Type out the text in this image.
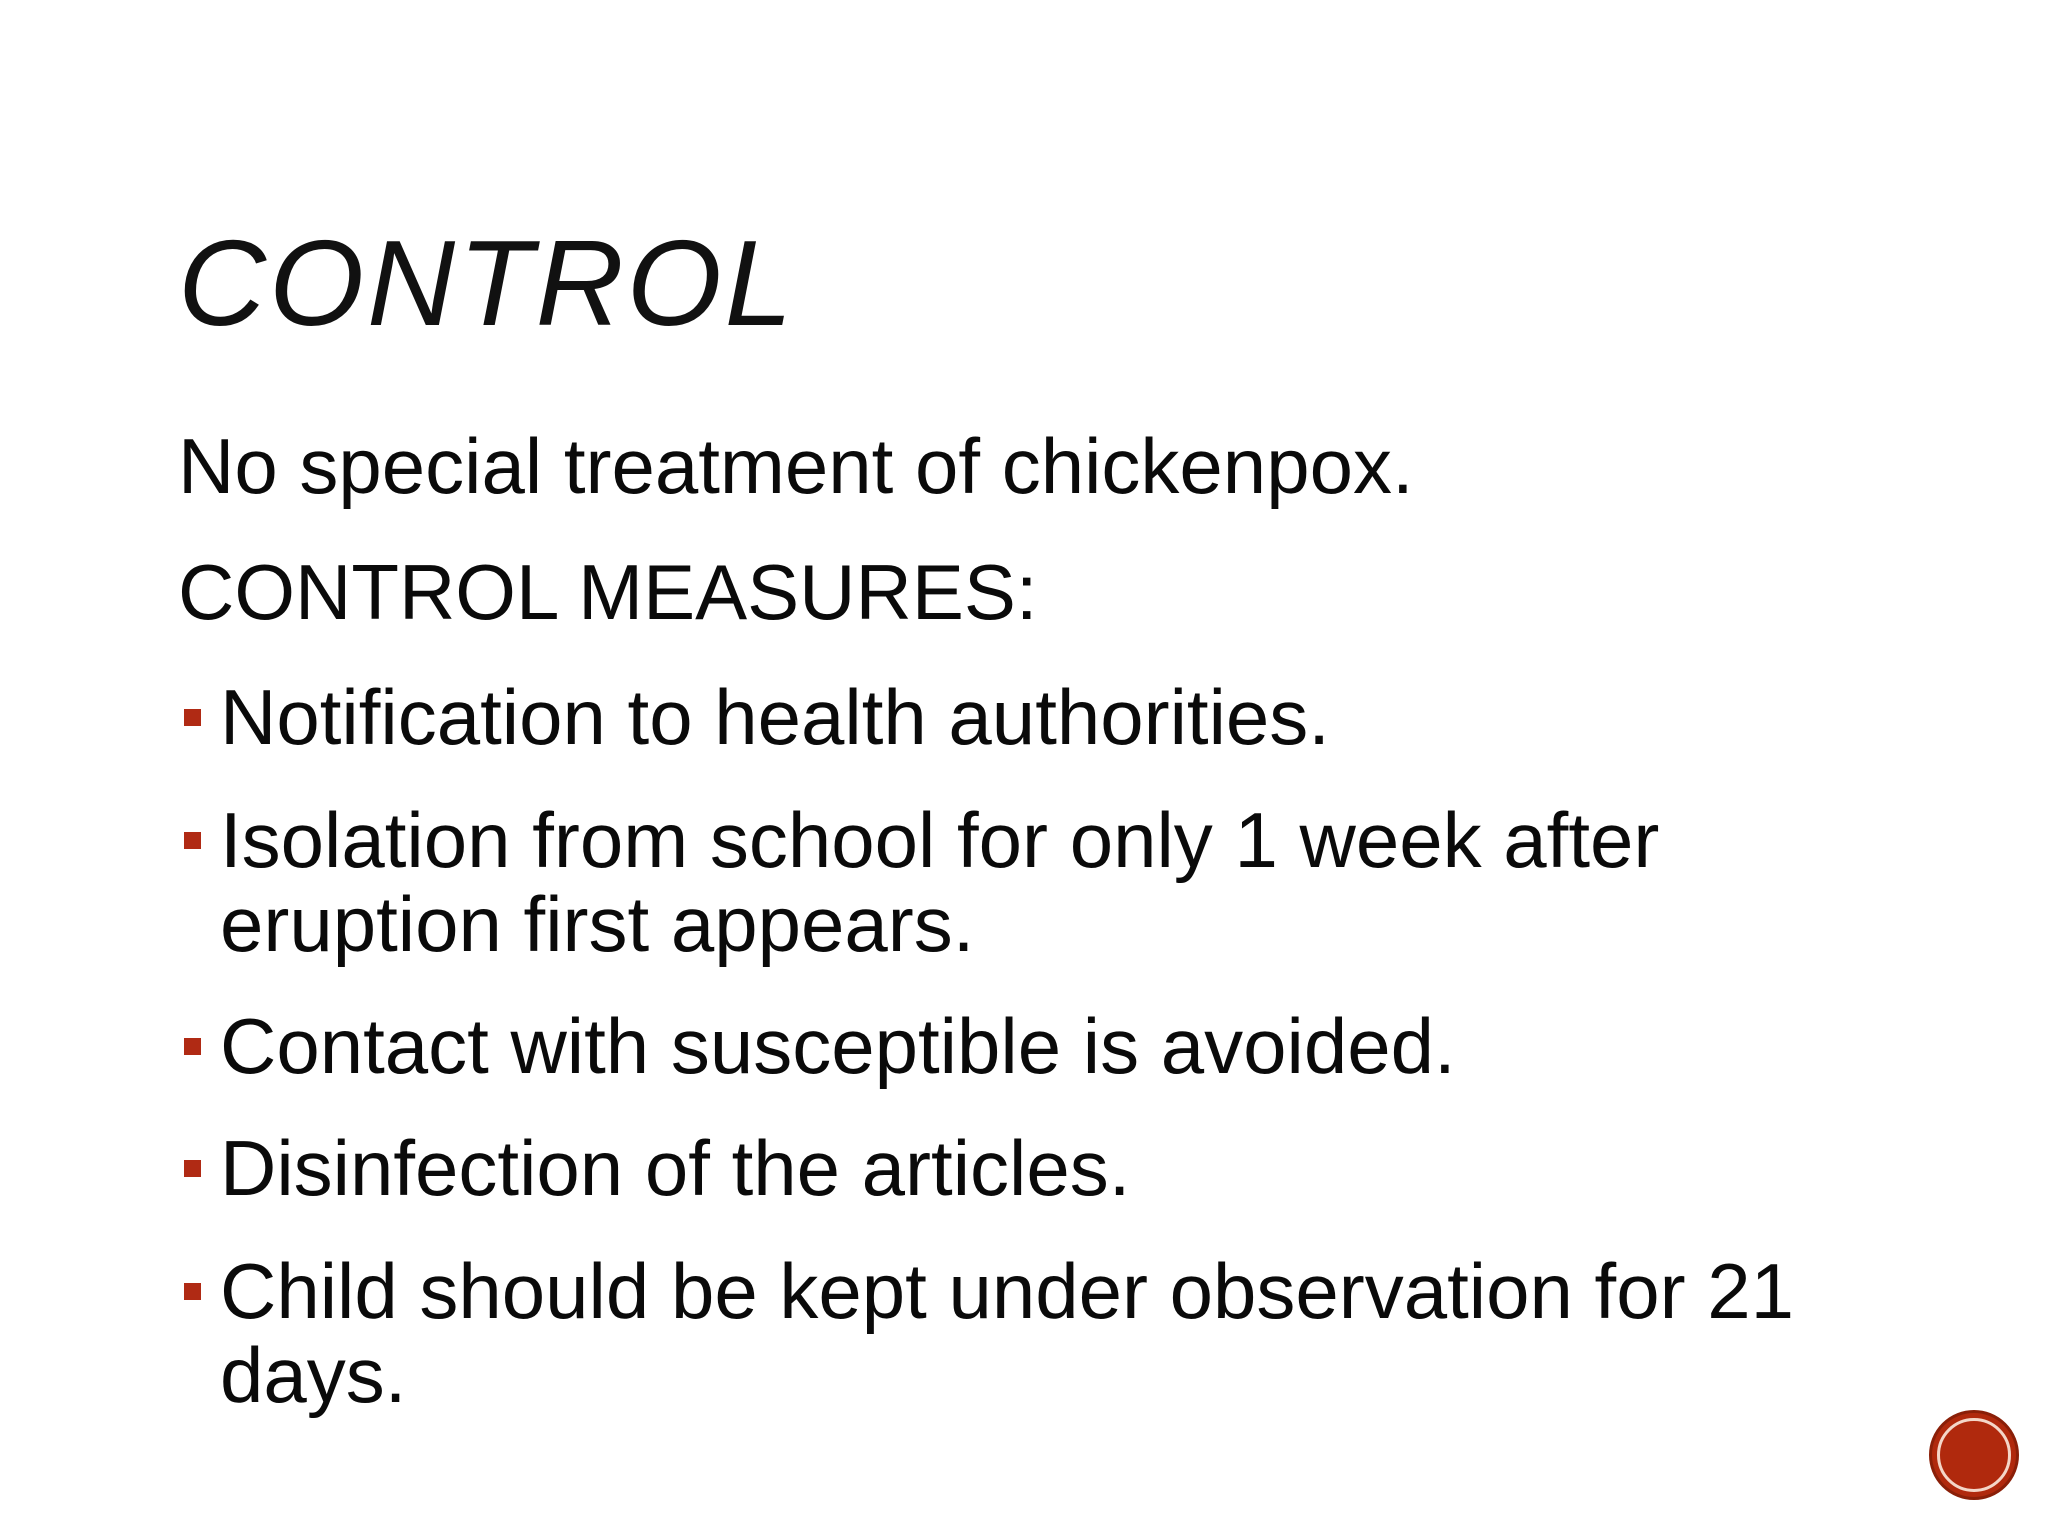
CONTROL

No special treatment of chickenpox.

CONTROL MEASURES:

Notification to health authorities.
Isolation from school for only 1 week after eruption first appears.
Contact with susceptible is avoided.
Disinfection of the articles.
Child should be kept under observation for 21 days.
